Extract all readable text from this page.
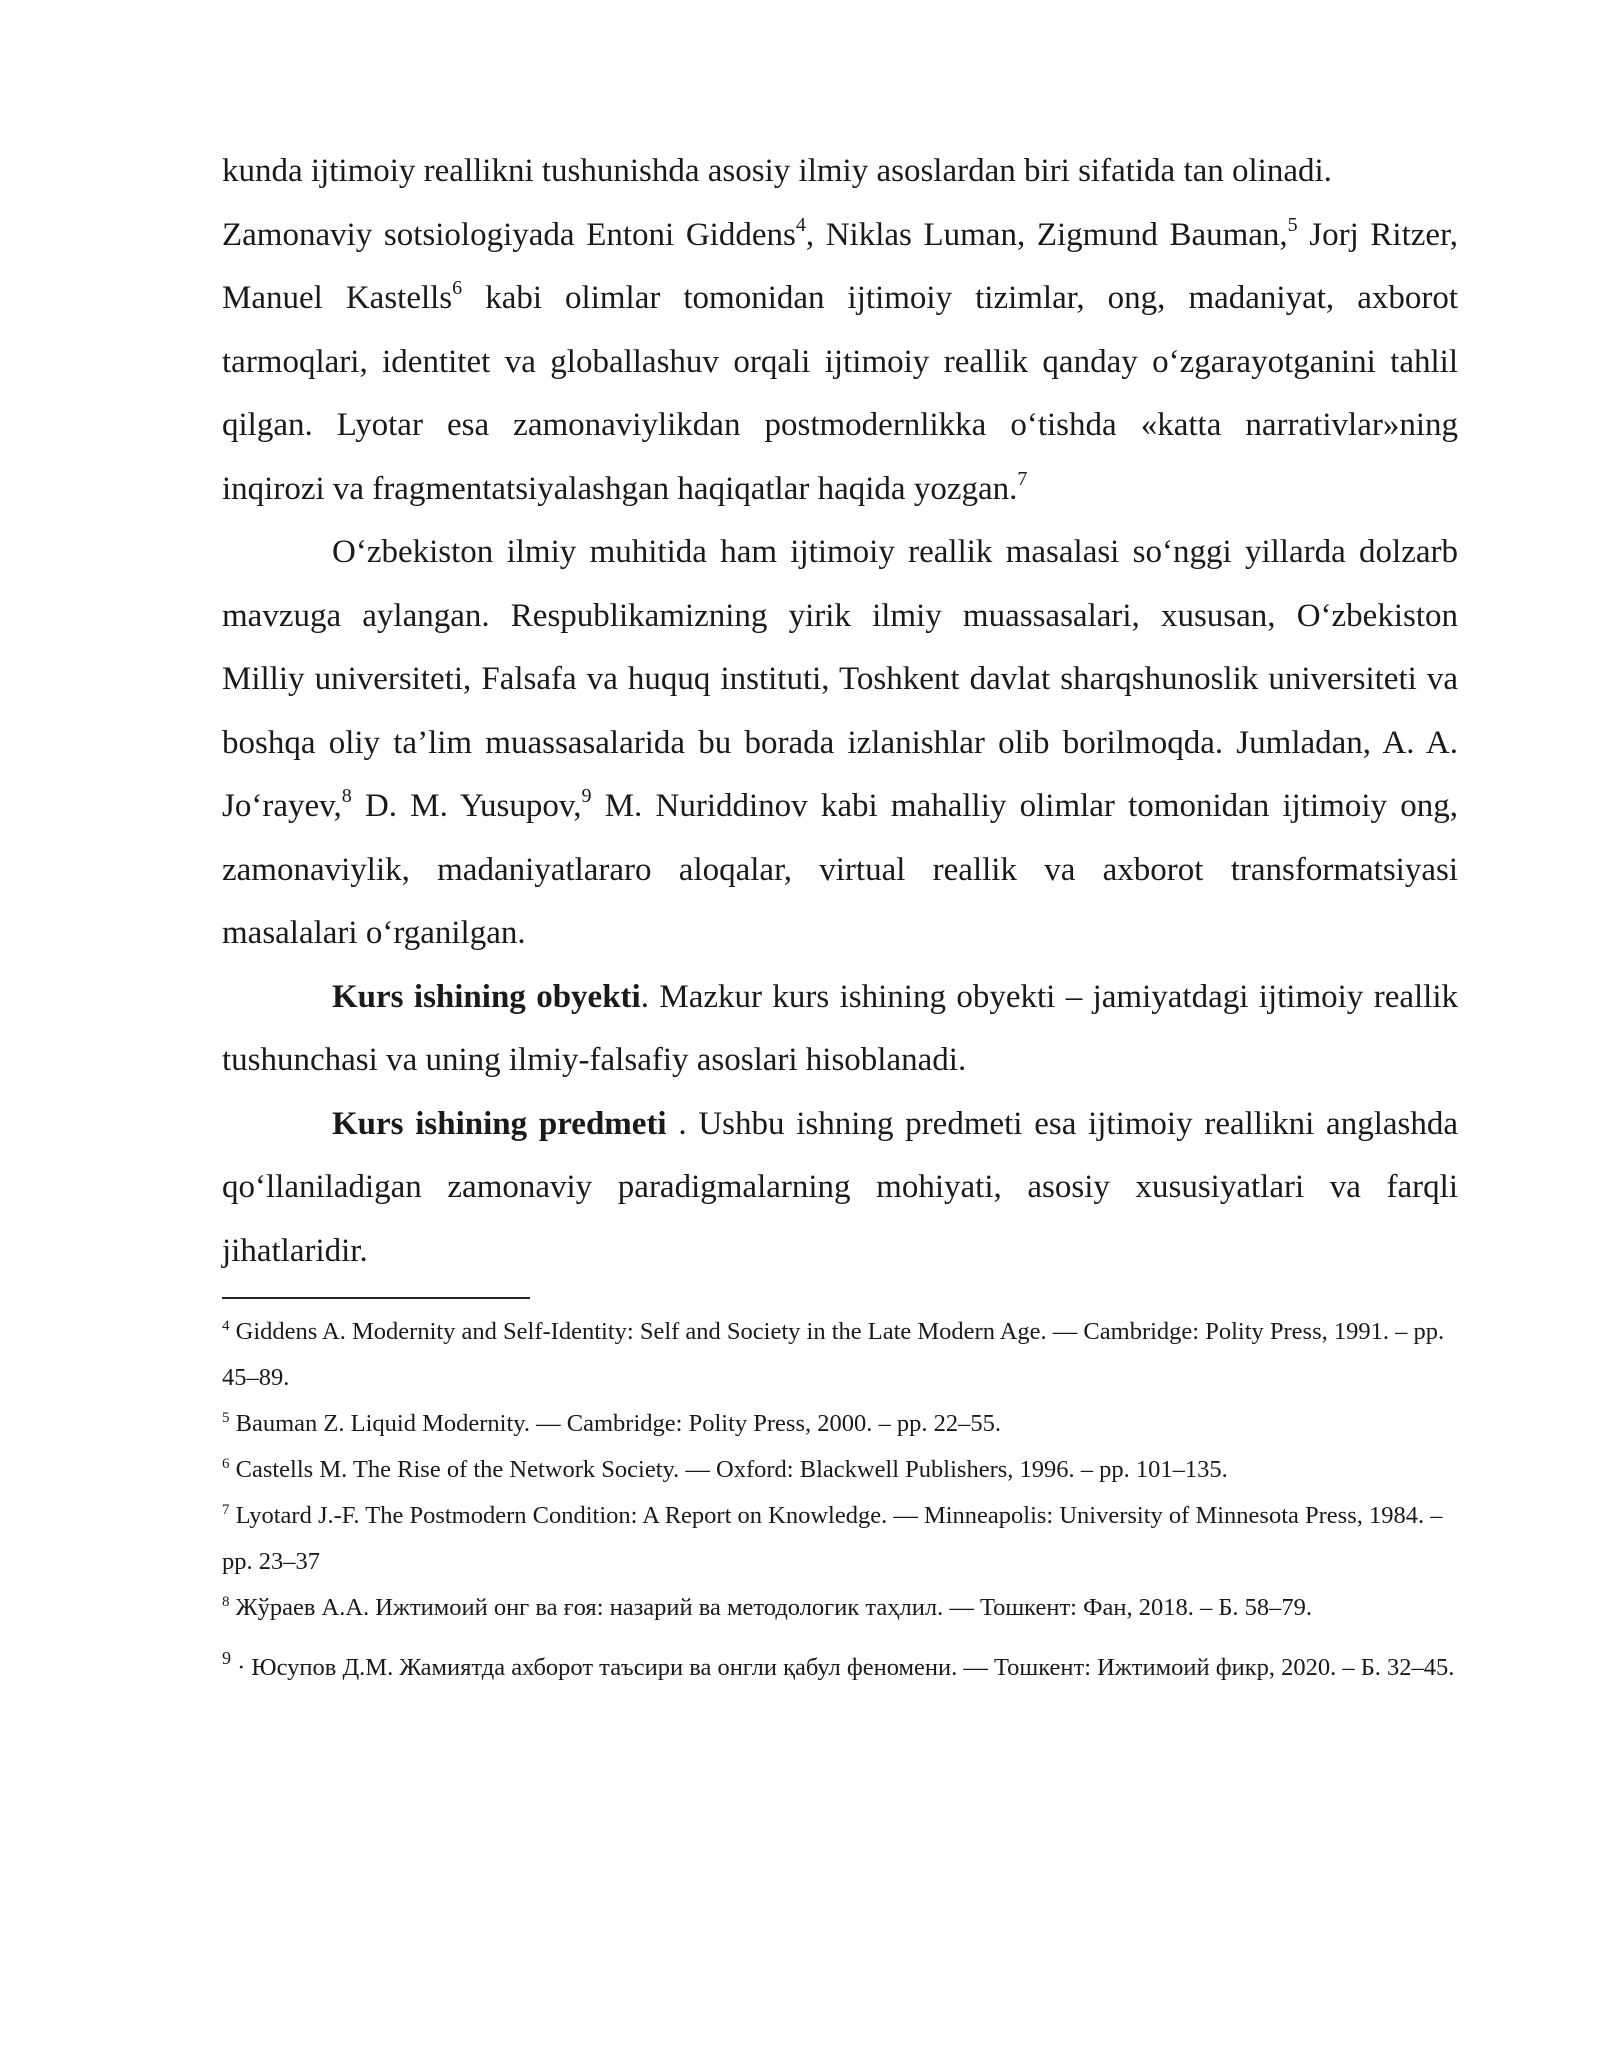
kunda ijtimoiy reallikni tushunishda asosiy ilmiy asoslardan biri sifatida tan olinadi.

Zamonaviy sotsiologiyada Entoni Giddens$^4$, Niklas Luman, Zigmund Bauman,$^5$ Jorj Ritzer, Manuel Kastells$^6$ kabi olimlar tomonidan ijtimoiy tizimlar, ong, madaniyat, axborot tarmoqlari, identitet va globallashuv orqali ijtimoiy reallik qanday o‘zgarayotganini tahlil qilgan. Lyotar esa zamonaviylikdan postmodernlikka o‘tishda «katta narrativlar»ning inqirozi va fragmentatsiyalashgan haqiqatlar haqida yozgan.$^7$

O‘zbekiston ilmiy muhitida ham ijtimoiy reallik masalasi so‘nggi yillarda dolzarb mavzuga aylangan. Respublikamizning yirik ilmiy muassasalari, xususan, O‘zbekiston Milliy universiteti, Falsafa va huquq instituti, Toshkent davlat sharqshunoslik universiteti va boshqa oliy ta’lim muassasalarida bu borada izlanishlar olib borilmoqda. Jumladan, A. A. Jo‘rayev,$^8$ D. M. Yusupov,$^9$ M. Nuriddinov kabi mahalliy olimlar tomonidan ijtimoiy ong, zamonaviylik, madaniyatlararo aloqalar, virtual reallik va axborot transformatsiyasi masalalari o‘rganilgan.

Kurs ishining obyekti. Mazkur kurs ishining obyekti – jamiyatdagi ijtimoiy reallik tushunchasi va uning ilmiy-falsafiy asoslari hisoblanadi.

Kurs ishining predmeti . Ushbu ishning predmeti esa ijtimoiy reallikni anglashda qo‘llaniladigan zamonaviy paradigmalarning mohiyati, asosiy xususiyatlari va farqli jihatlaridir.

$^4$ Giddens A. Modernity and Self-Identity: Self and Society in the Late Modern Age. — Cambridge: Polity Press, 1991. – pp. 45–89.

$^5$ Bauman Z. Liquid Modernity. — Cambridge: Polity Press, 2000. – pp. 22–55.

$^6$ Castells M. The Rise of the Network Society. — Oxford: Blackwell Publishers, 1996. – pp. 101–135.

$^7$ Lyotard J.-F. The Postmodern Condition: A Report on Knowledge. — Minneapolis: University of Minnesota Press, 1984. – pp. 23–37

$^8$ Жўраев А.А. Ижтимоий онг ва ғоя: назарий ва методологик таҳлил. — Тошкент: Фан, 2018. – Б. 58–79.

$^9$ · Юсупов Д.М. Жамиятда ахборот таъсири ва онгли қабул феномени. — Тошкент: Ижтимоий фикр, 2020. – Б. 32–45.
